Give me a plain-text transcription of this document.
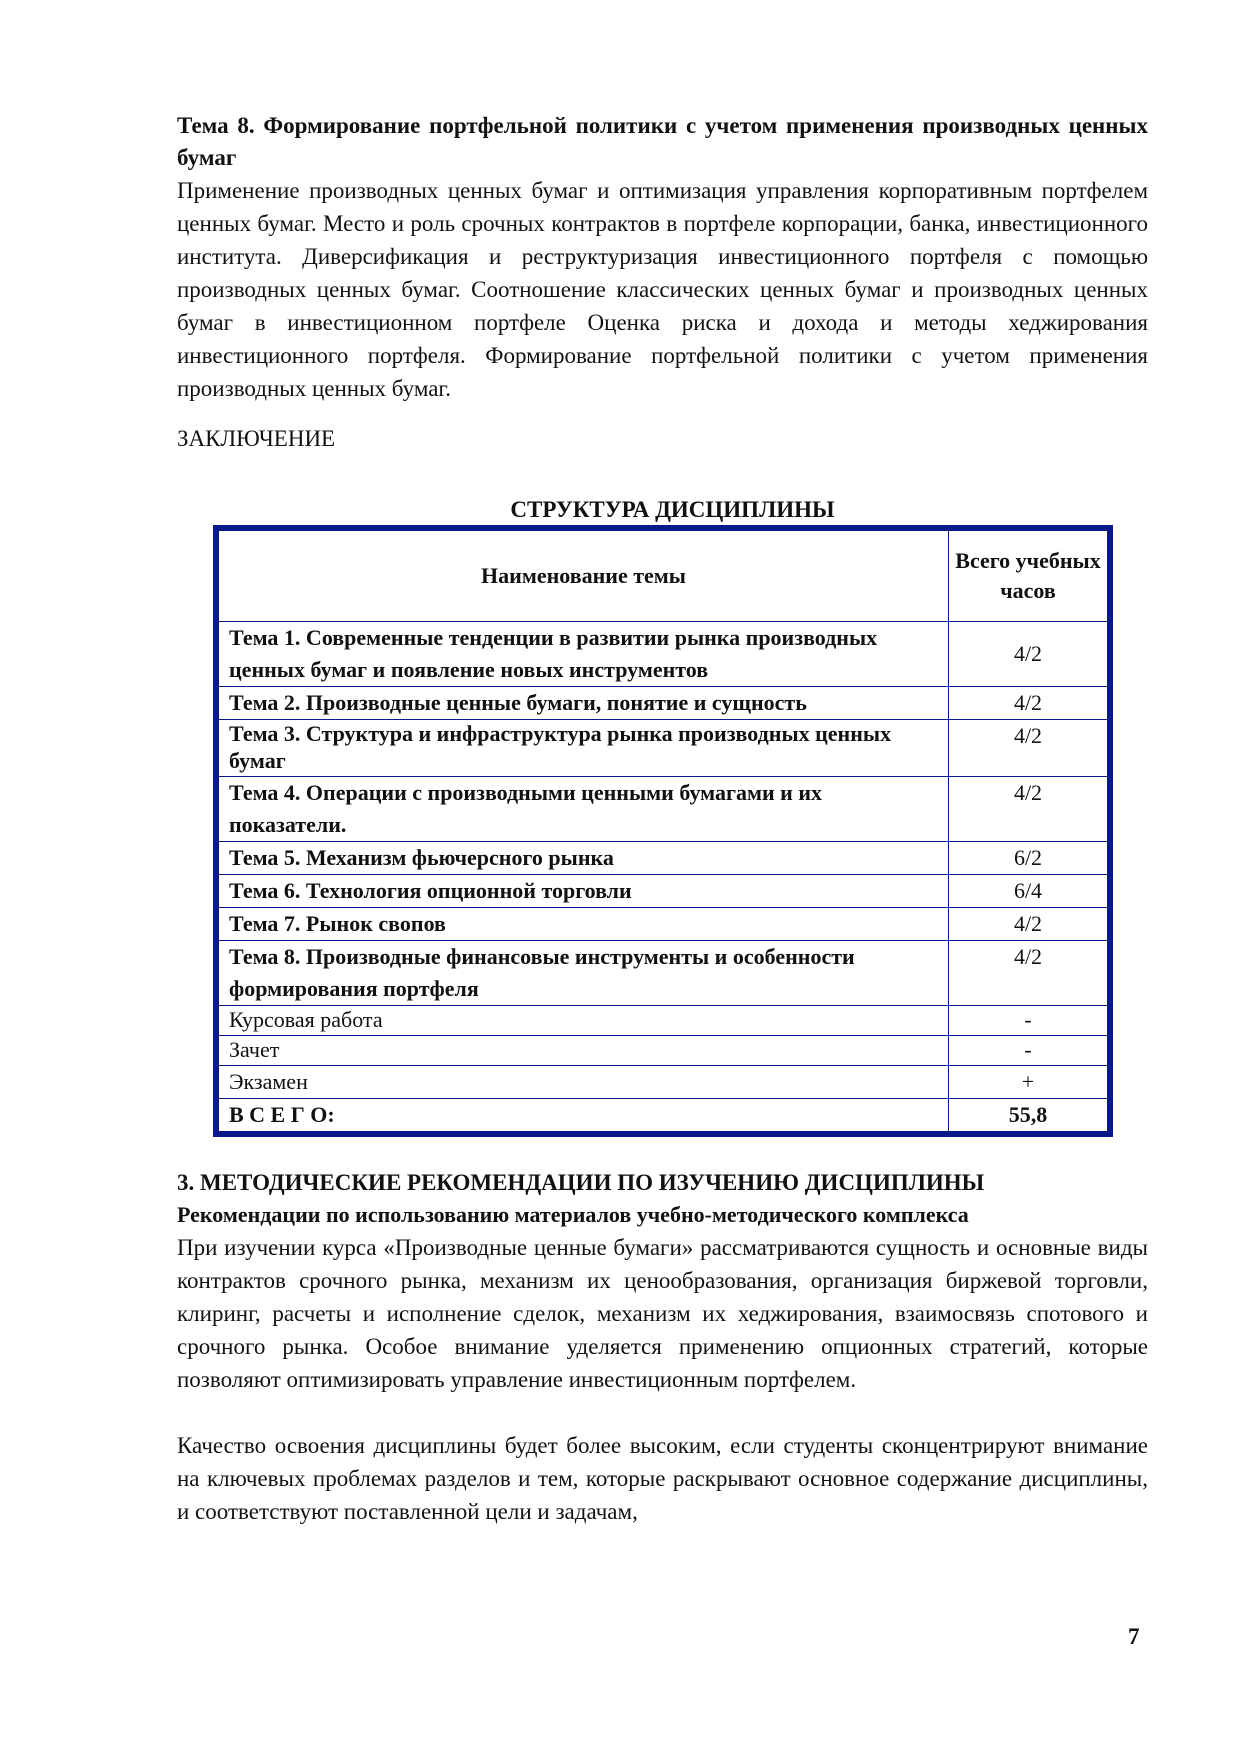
Тема 8. Формирование портфельной политики с учетом применения производных ценных бумаг

Применение производных ценных бумаг и оптимизация управления корпоративным портфелем ценных бумаг. Место и роль срочных контрактов в портфеле корпорации, банка, инвестиционного института. Диверсификация и реструктуризация инвестиционного портфеля с помощью производных ценных бумаг. Соотношение классических ценных бумаг и производных ценных бумаг в инвестиционном портфеле Оценка риска и дохода и методы хеджирования инвестиционного портфеля. Формирование портфельной политики с учетом применения производных ценных бумаг.

ЗАКЛЮЧЕНИЕ

СТРУКТУРА ДИСЦИПЛИНЫ

Наименование темы	Всего учебных часов
Тема 1. Современные тенденции в развитии рынка производных ценных бумаг и появление новых инструментов	4/2
Тема 2. Производные ценные бумаги, понятие и сущность	4/2
Тема 3. Структура и инфраструктура рынка производных ценных бумаг	4/2
Тема 4. Операции с производными ценными бумагами и их показатели.	4/2
Тема 5. Механизм фьючерсного рынка	6/2
Тема 6. Технология опционной торговли	6/4
Тема 7. Рынок свопов	4/2
Тема 8. Производные финансовые инструменты и особенности формирования портфеля	4/2
Курсовая работа	-
Зачет	-
Экзамен	+
В С Е Г О:	55,8

3. МЕТОДИЧЕСКИЕ РЕКОМЕНДАЦИИ ПО ИЗУЧЕНИЮ ДИСЦИПЛИНЫ

Рекомендации по использованию материалов учебно-методического комплекса

При изучении курса «Производные ценные бумаги» рассматриваются сущность и основные виды контрактов срочного рынка, механизм их ценообразования, организация биржевой торговли, клиринг, расчеты и исполнение сделок, механизм их хеджирования, взаимосвязь спотового и срочного рынка. Особое внимание уделяется применению опционных стратегий, которые позволяют оптимизировать управление инвестиционным портфелем.

Качество освоения дисциплины будет более высоким, если студенты сконцентрируют внимание на ключевых проблемах разделов и тем, которые раскрывают основное содержание дисциплины, и соответствуют поставленной цели и задачам,

7
